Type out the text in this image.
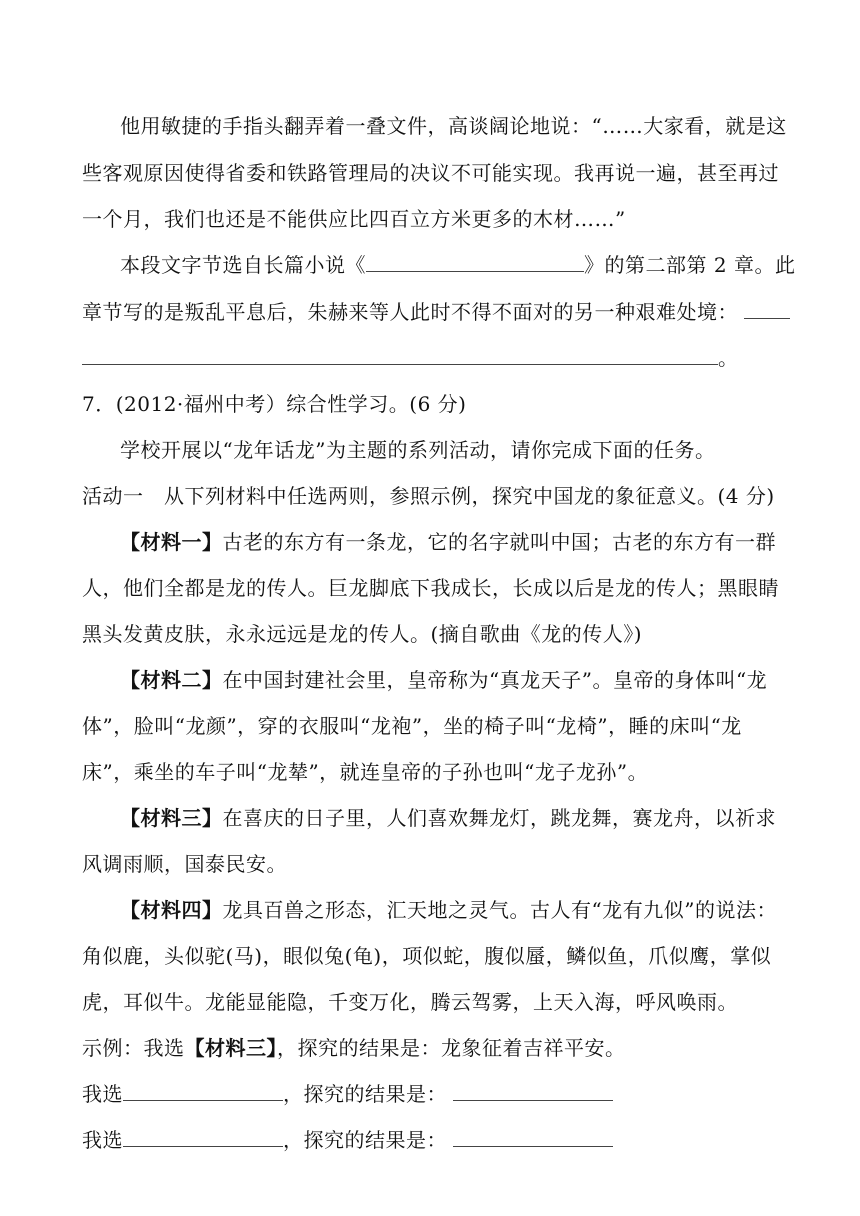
他用敏捷的手指头翻弄着一叠文件，高谈阔论地说：“……大家看，就是这
些客观原因使得省委和铁路管理局的决议不可能实现。我再说一遍，甚至再过
一个月，我们也还是不能供应比四百立方米更多的木材……”
本段文字节选自长篇小说《	》的第二部第 2 章。此
章节写的是叛乱平息后，朱赫来等人此时不得不面对的另一种艰难处境：
。
7．(2012·福州中考）综合性学习。(6 分)
学校开展以“龙年话龙”为主题的系列活动，请你完成下面的任务。
活动一　从下列材料中任选两则，参照示例，探究中国龙的象征意义。(4 分)
【材料一】古老的东方有一条龙，它的名字就叫中国；古老的东方有一群
人，他们全都是龙的传人。巨龙脚底下我成长，长成以后是龙的传人；黑眼睛
黑头发黄皮肤，永永远远是龙的传人。(摘自歌曲《龙的传人》)
【材料二】在中国封建社会里，皇帝称为“真龙天子”。皇帝的身体叫“龙
体”，脸叫“龙颜”，穿的衣服叫“龙袍”，坐的椅子叫“龙椅”，睡的床叫“龙
床”，乘坐的车子叫“龙辇”，就连皇帝的子孙也叫“龙子龙孙”。
【材料三】在喜庆的日子里，人们喜欢舞龙灯，跳龙舞，赛龙舟，以祈求
风调雨顺，国泰民安。
【材料四】龙具百兽之形态，汇天地之灵气。古人有“龙有九似”的说法：
角似鹿，头似驼(马)，眼似兔(龟)，项似蛇，腹似蜃，鳞似鱼，爪似鹰，掌似
虎，耳似牛。龙能显能隐，千变万化，腾云驾雾，上天入海，呼风唤雨。
示例：我选【材料三】，探究的结果是：龙象征着吉祥平安。
我选	，探究的结果是：
我选	，探究的结果是：
